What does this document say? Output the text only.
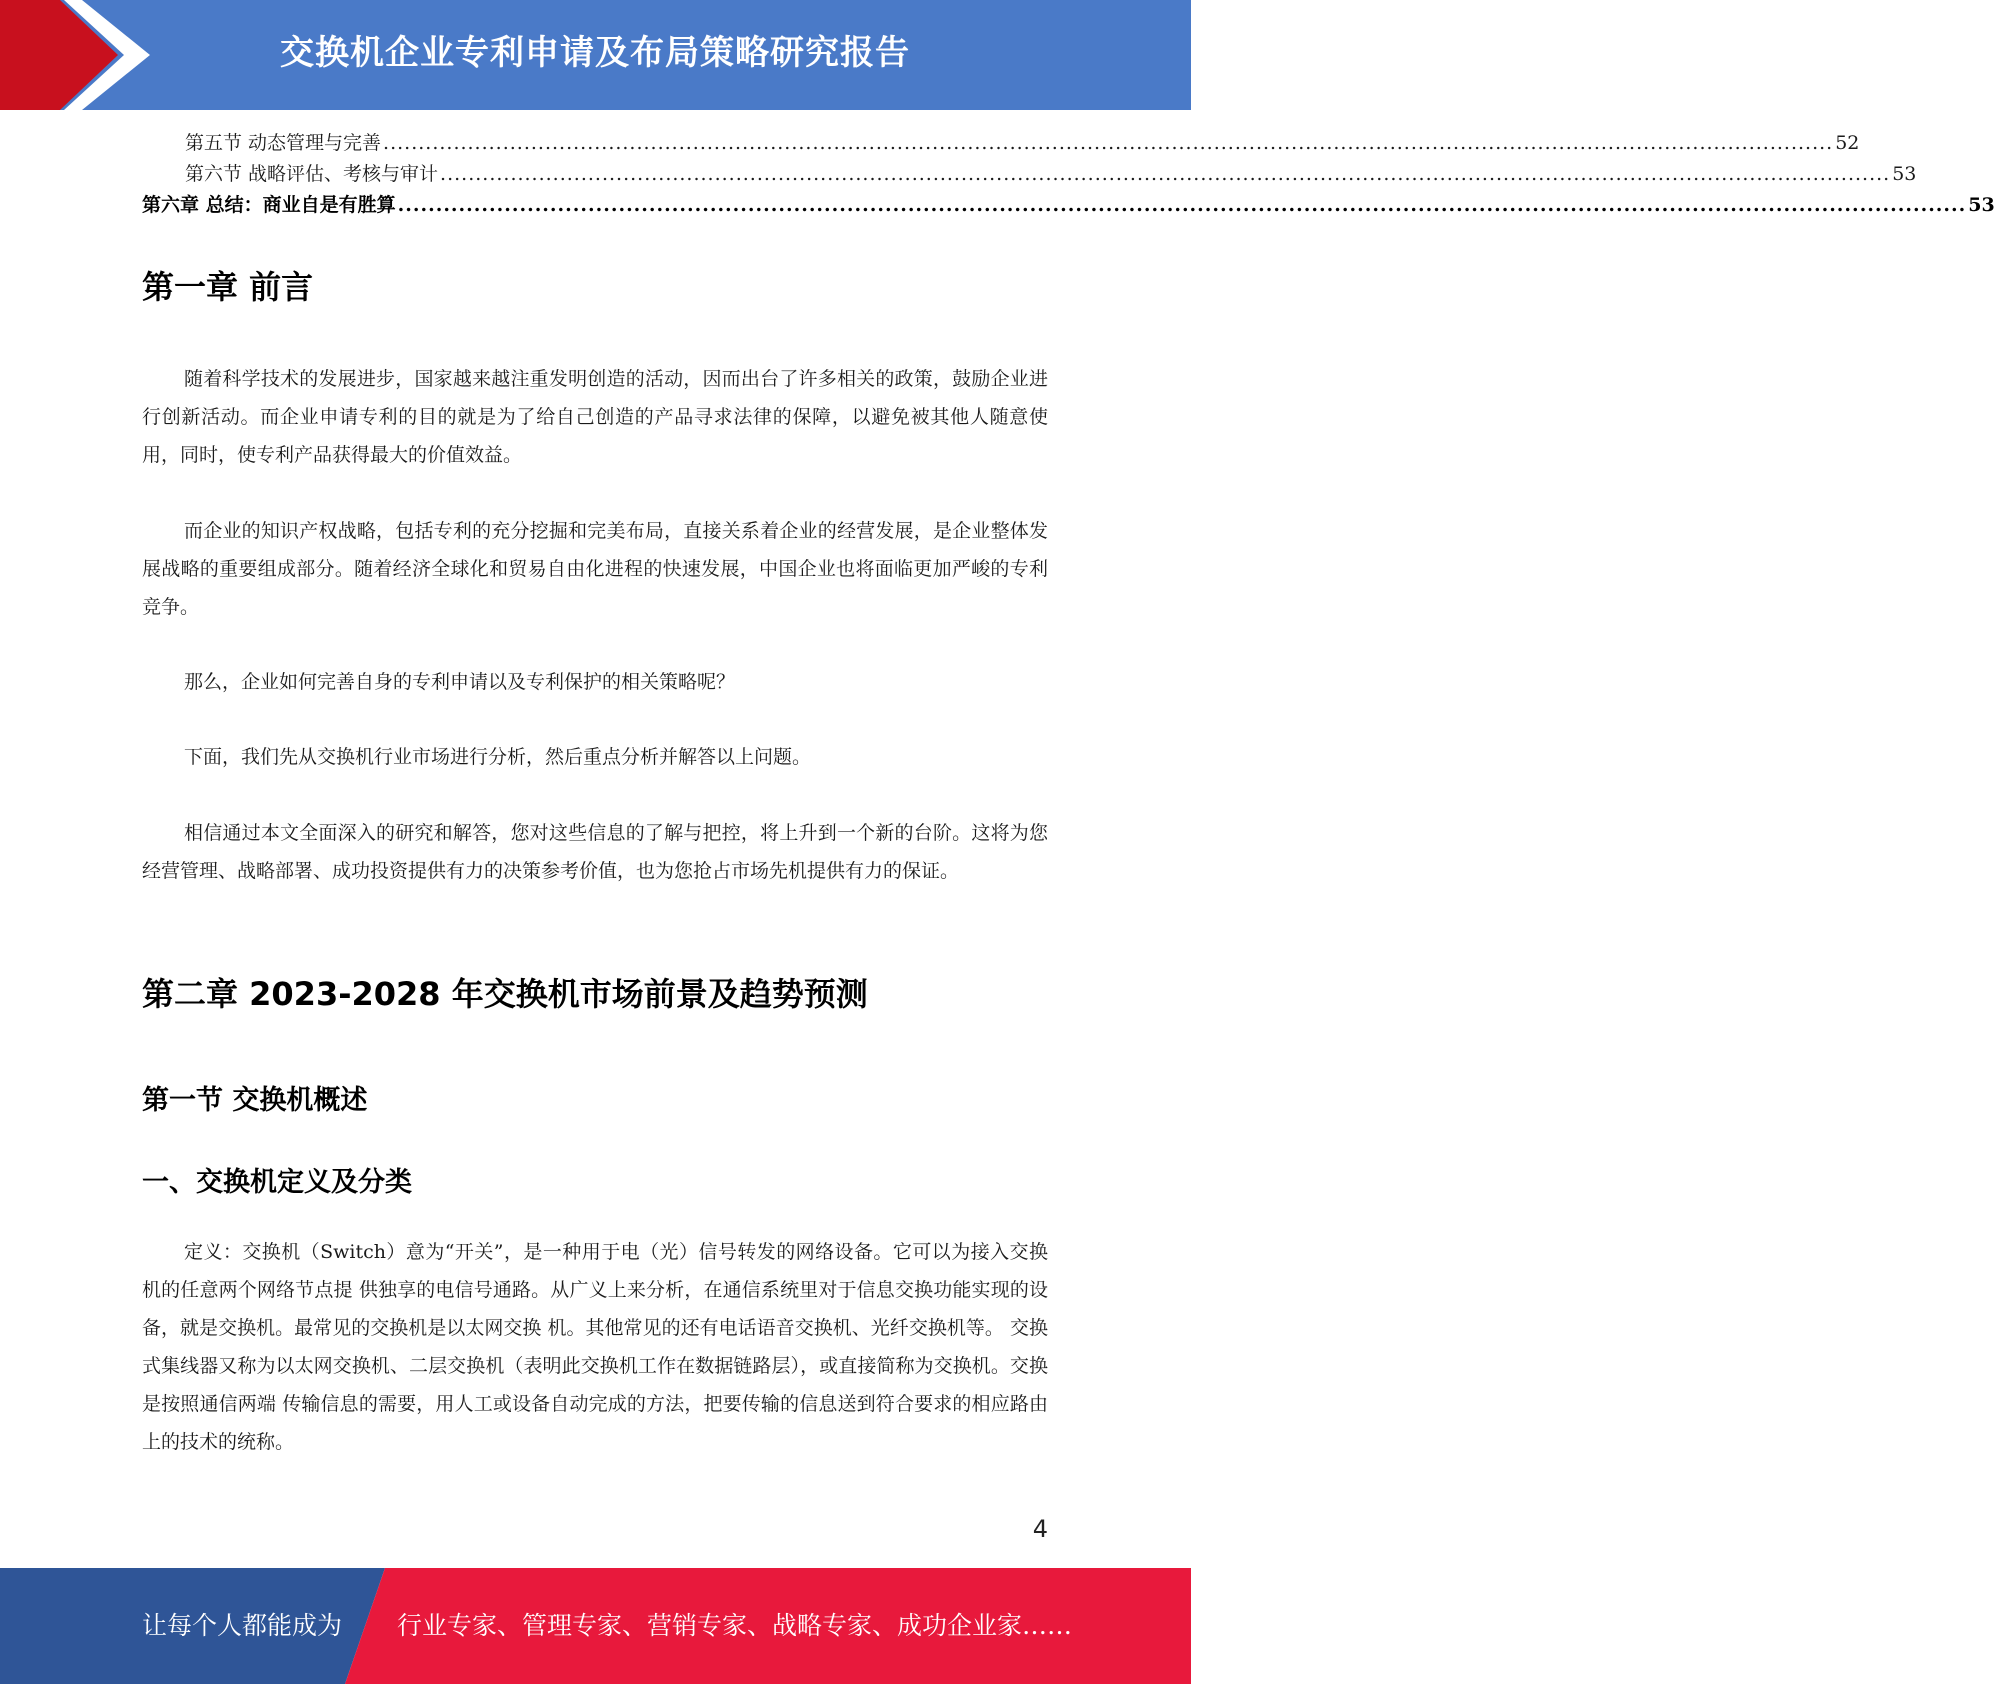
交换机企业专利申请及布局策略研究报告
第五节 动态管理与完善 .............................................................................................................................................................................................................. 52
第六节 战略评估、考核与审计 .............................................................................................................................................................................................................. 53
第六章 总结：商业自是有胜算 .............................................................................................................................................................................................................. 53
第一章 前言

随着科学技术的发展进步，国家越来越注重发明创造的活动，因而出台了许多相关的政策，鼓励企业进行创新活动。而企业申请专利的目的就是为了给自己创造的产品寻求法律的保障，以避免被其他人随意使用，同时，使专利产品获得最大的价值效益。

而企业的知识产权战略，包括专利的充分挖掘和完美布局，直接关系着企业的经营发展，是企业整体发展战略的重要组成部分。随着经济全球化和贸易自由化进程的快速发展，中国企业也将面临更加严峻的专利竞争。

那么，企业如何完善自身的专利申请以及专利保护的相关策略呢？

下面，我们先从交换机行业市场进行分析，然后重点分析并解答以上问题。

相信通过本文全面深入的研究和解答，您对这些信息的了解与把控，将上升到一个新的台阶。这将为您经营管理、战略部署、成功投资提供有力的决策参考价值，也为您抢占市场先机提供有力的保证。

第二章 2023-2028 年交换机市场前景及趋势预测
第一节 交换机概述
一、交换机定义及分类

定义：交换机（Switch）意为“开关”，是一种用于电（光）信号转发的网络设备。它可以为接入交换机的任意两个网络节点提 供独享的电信号通路。从广义上来分析，在通信系统里对于信息交换功能实现的设备，就是交换机。最常见的交换机是以太网交换 机。其他常见的还有电话语音交换机、光纤交换机等。 交换式集线器又称为以太网交换机、二层交换机（表明此交换机工作在数据链路层），或直接简称为交换机。交换是按照通信两端 传输信息的需要，用人工或设备自动完成的方法，把要传输的信息送到符合要求的相应路由上的技术的统称。

4
让每个人都能成为 行业专家、管理专家、营销专家、战略专家、成功企业家……
